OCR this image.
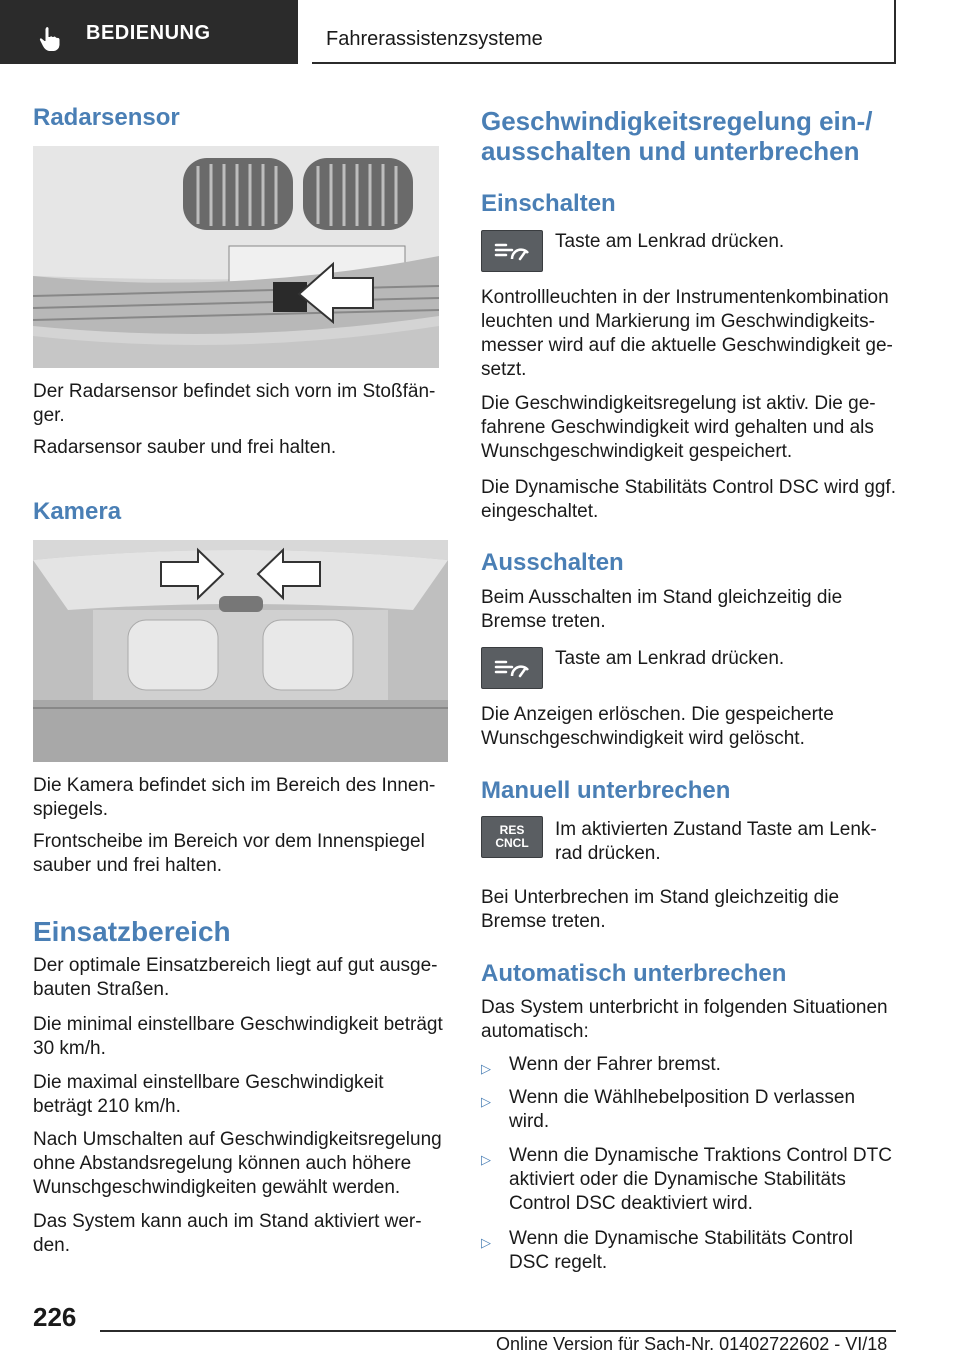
BEDIENUNG	Fahrerassistenzsysteme
Radarsensor

Der Radarsensor befindet sich vorn im Stoßfän-ger.

Radarsensor sauber und frei halten.

Kamera

Die Kamera befindet sich im Bereich des Innen-spiegels.

Frontscheibe im Bereich vor dem Innenspiegel sauber und frei halten.

Einsatzbereich

Der optimale Einsatzbereich liegt auf gut ausge-bauten Straßen.

Die minimal einstellbare Geschwindigkeit beträgt 30 km/h.

Die maximal einstellbare Geschwindigkeit beträgt 210 km/h.

Nach Umschalten auf Geschwindigkeitsregelung ohne Abstandsregelung können auch höhere Wunschgeschwindigkeiten gewählt werden.

Das System kann auch im Stand aktiviert wer-den.

Geschwindigkeitsregelung ein-/ ausschalten und unterbrechen
Einschalten

Taste am Lenkrad drücken.

Kontrollleuchten in der Instrumentenkombination leuchten und Markierung im Geschwindigkeits-messer wird auf die aktuelle Geschwindigkeit ge-setzt.

Die Geschwindigkeitsregelung ist aktiv. Die ge-fahrene Geschwindigkeit wird gehalten und als Wunschgeschwindigkeit gespeichert.

Die Dynamische Stabilitäts Control DSC wird ggf. eingeschaltet.

Ausschalten

Beim Ausschalten im Stand gleichzeitig die Bremse treten.

Taste am Lenkrad drücken.

Die Anzeigen erlöschen. Die gespeicherte Wunschgeschwindigkeit wird gelöscht.

Manuell unterbrechen
RES
CNCL

Im aktivierten Zustand Taste am Lenk-rad drücken.

Bei Unterbrechen im Stand gleichzeitig die Bremse treten.

Automatisch unterbrechen

Das System unterbricht in folgenden Situationen automatisch:

▷ Wenn der Fahrer bremst.
▷ Wenn die Wählhebelposition D verlassen wird.
▷ Wenn die Dynamische Traktions Control DTC aktiviert oder die Dynamische Stabilitäts Control DSC deaktiviert wird.
▷ Wenn die Dynamische Stabilitäts Control DSC regelt.
226
Online Version für Sach-Nr. 01402722602 - VI/18
